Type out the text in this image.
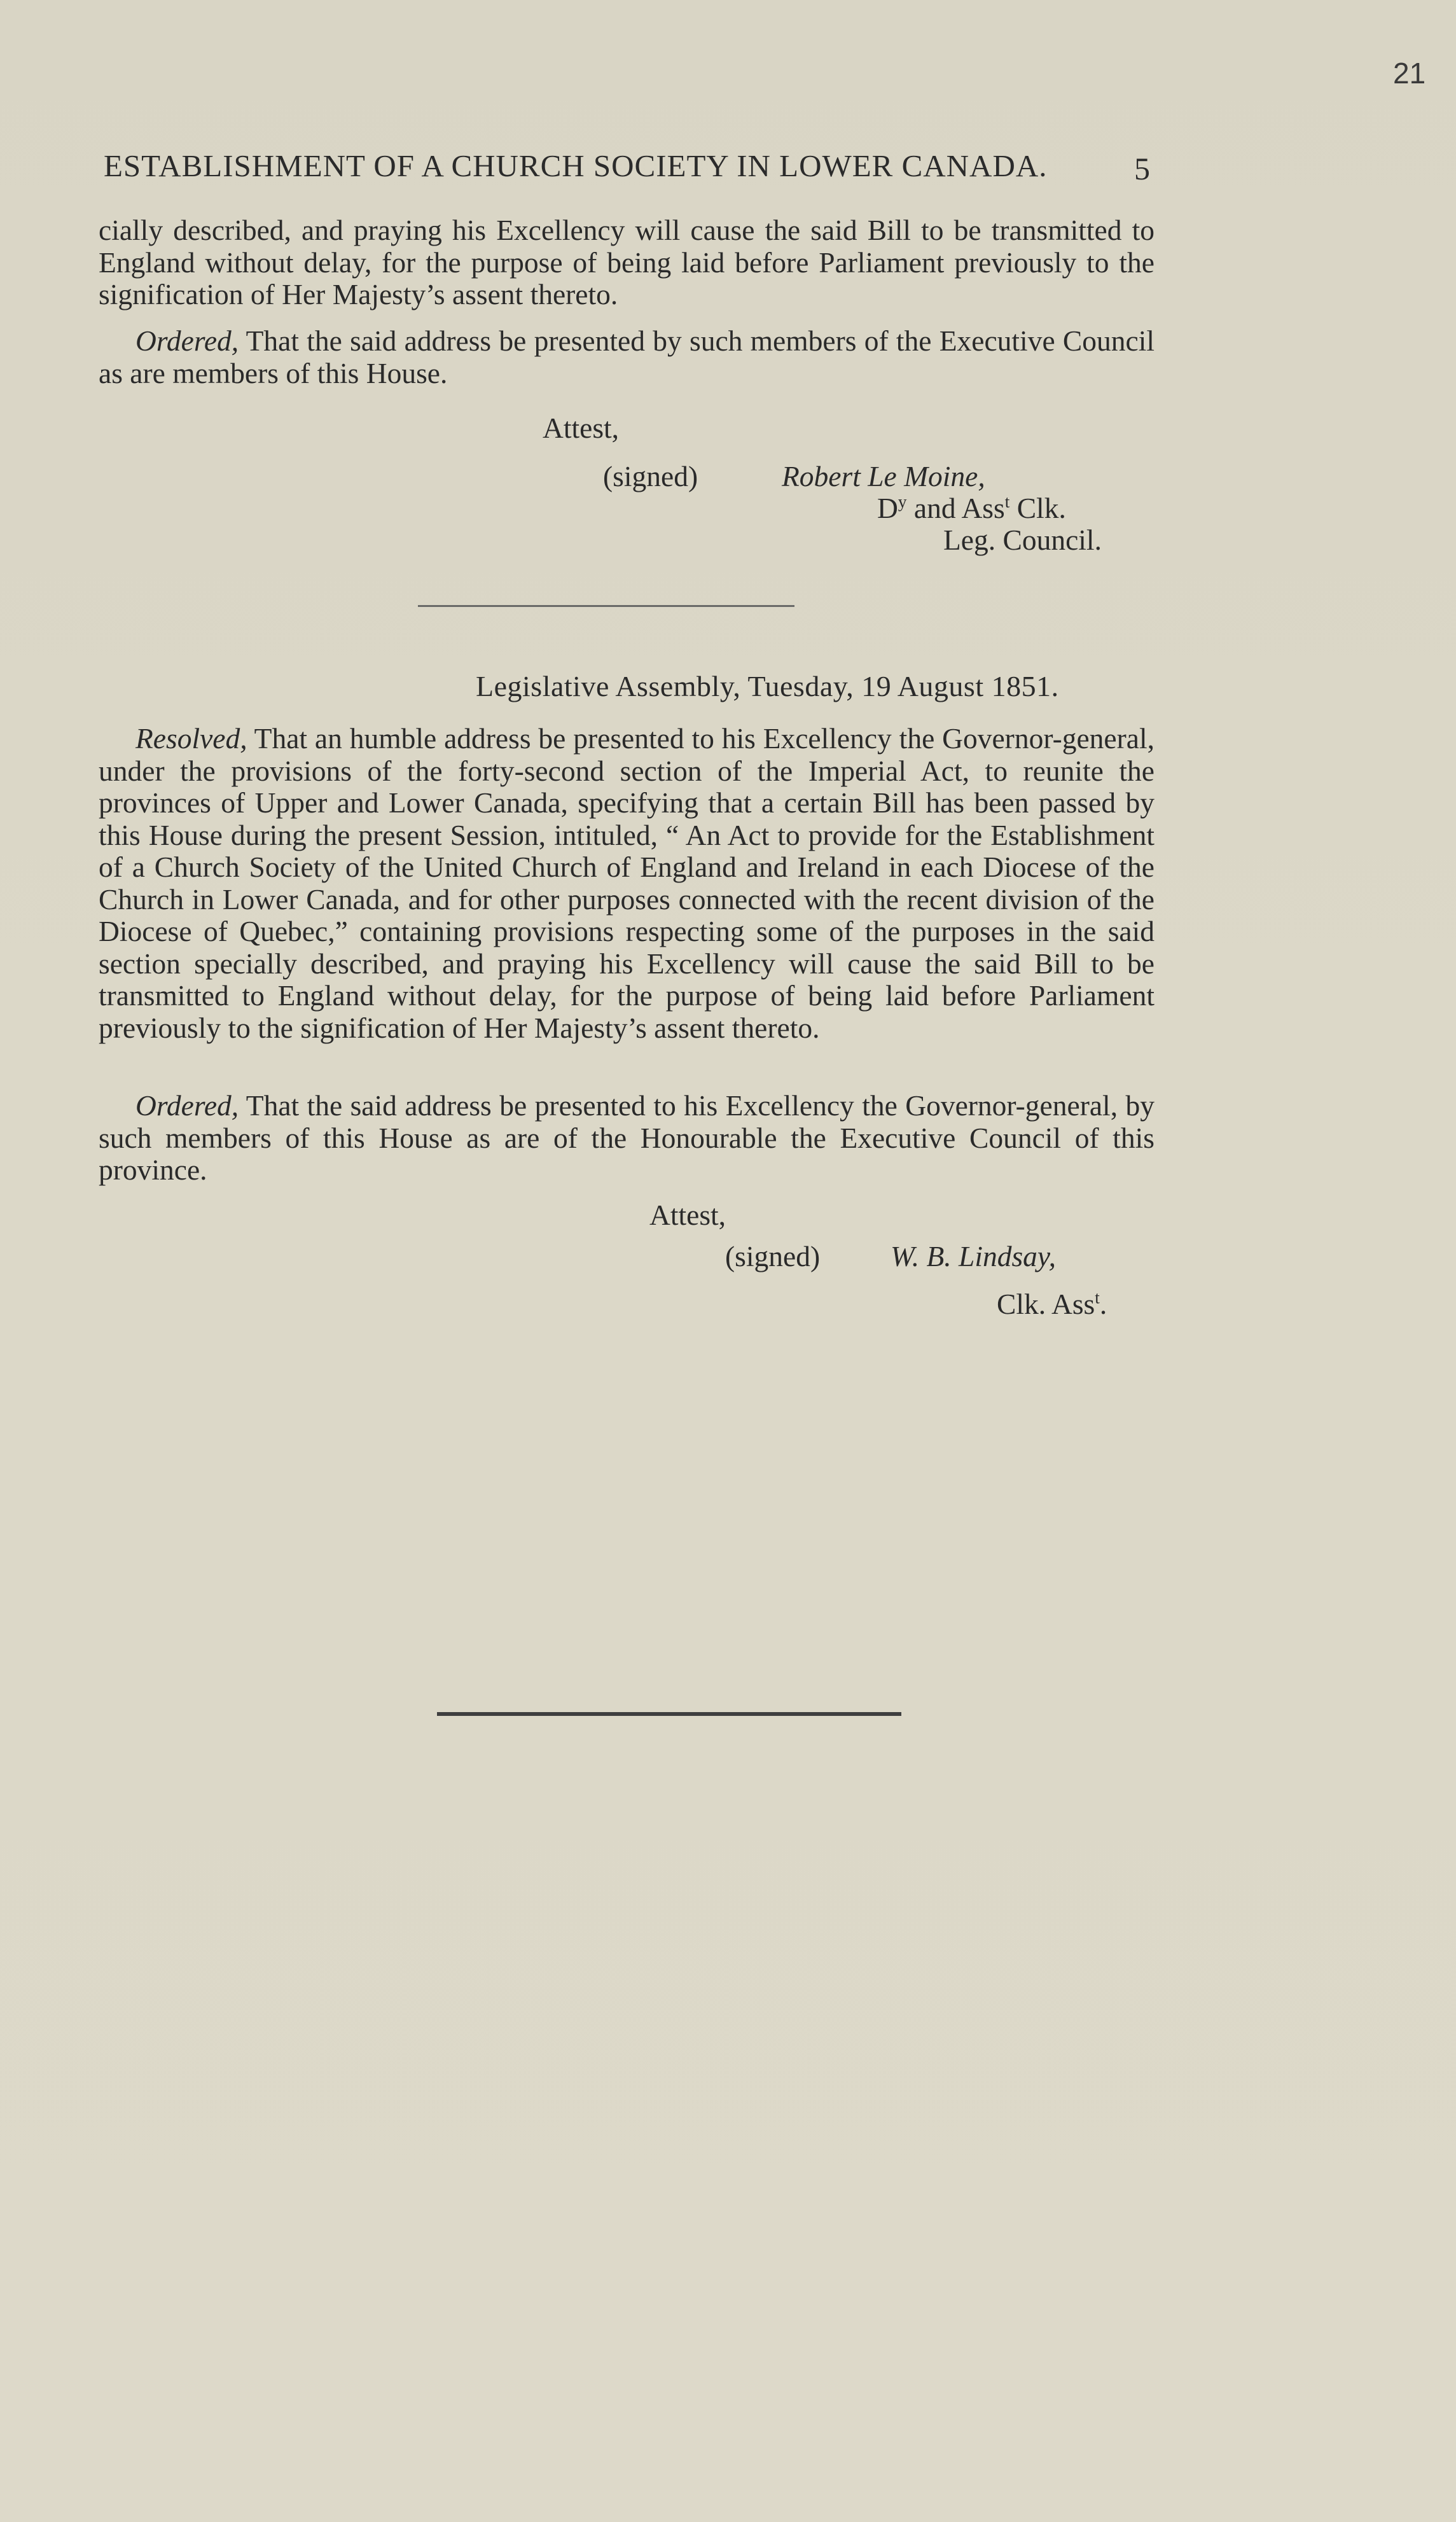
21
ESTABLISHMENT OF A CHURCH SOCIETY IN LOWER CANADA.	5

cially described, and praying his Excellency will cause the said Bill to be transmitted to England without delay, for the purpose of being laid before Parliament previously to the signification of Her Majesty’s assent thereto.

Ordered, That the said address be presented by such members of the Executive Council as are members of this House.

Attest,
(signed)	Robert Le Moine,
$D^y$ and Ass$^t$ Clk.
Leg. Council.
Legislative Assembly, Tuesday, 19 August 1851.

Resolved, That an humble address be presented to his Excellency the Governor-general, under the provisions of the forty-second section of the Imperial Act, to reunite the provinces of Upper and Lower Canada, specifying that a certain Bill has been passed by this House during the present Session, intituled, “ An Act to provide for the Establishment of a Church Society of the United Church of England and Ireland in each Diocese of the Church in Lower Canada, and for other purposes connected with the recent division of the Diocese of Quebec,” containing provisions respecting some of the purposes in the said section specially described, and praying his Excellency will cause the said Bill to be transmitted to England without delay, for the purpose of being laid before Parliament previously to the signification of Her Majesty’s assent thereto.

Ordered, That the said address be presented to his Excellency the Governor-general, by such members of this House as are of the Honourable the Executive Council of this province.

Attest,
(signed) W. B. Lindsay,
Clk. Ass$^t$.
